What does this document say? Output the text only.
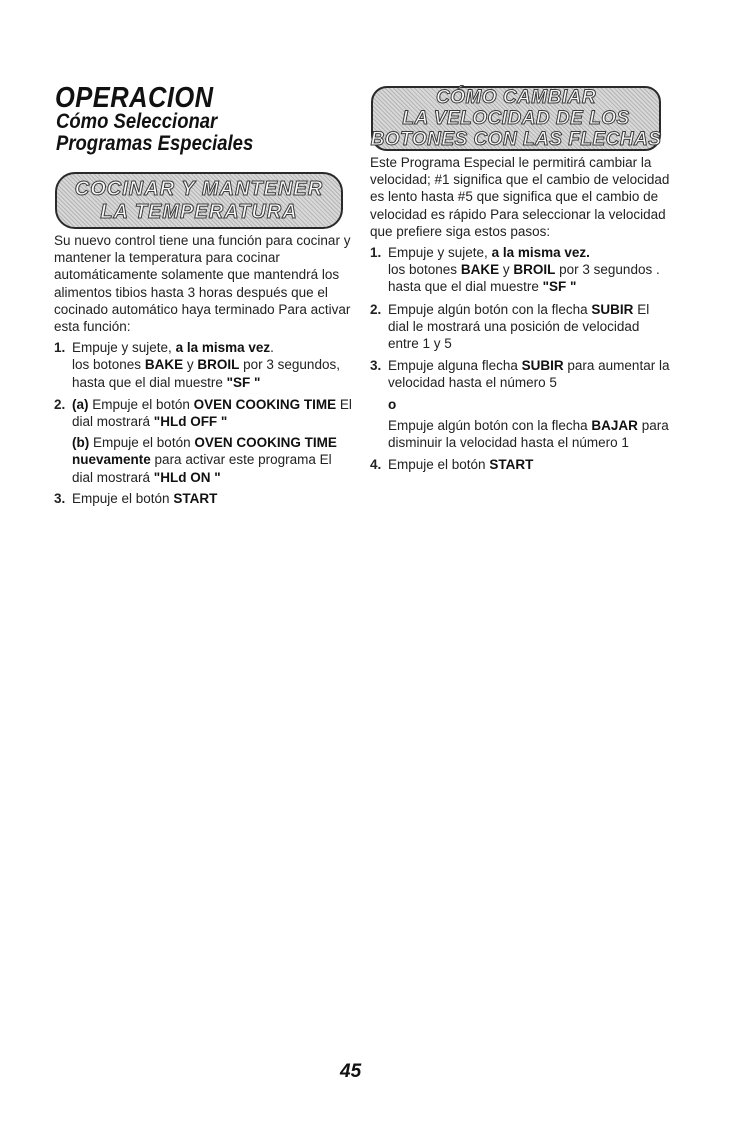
OPERACION
Cómo Seleccionar Programas Especiales
COCINAR Y MANTENER
LA TEMPERATURA
CÓMO CAMBIAR
LA VELOCIDAD DE LOS
BOTONES CON LAS FLECHAS

Su nuevo control tiene una función para cocinar y mantener la temperatura para cocinar automáticamente solamente que mantendrá los alimentos tibios hasta 3 horas después que el cocinado automático haya terminado Para activar esta función:

1. Empuje y sujete, a la misma vez.
los botones BAKE y BROIL por 3 segundos, hasta que el dial muestre "SF "
2. (a) Empuje el botón OVEN COOKING TIME El dial mostrará "HLd OFF "
(b) Empuje el botón OVEN COOKING TIME nuevamente para activar este programa El dial mostrará "HLd ON "
3. Empuje el botón START

Este Programa Especial le permitirá cambiar la velocidad; #1 significa que el cambio de velocidad es lento hasta #5 que significa que el cambio de velocidad es rápido Para seleccionar la velocidad que prefiere siga estos pasos:

1. Empuje y sujete, a la misma vez.
los botones BAKE y BROIL por 3 segundos . hasta que el dial muestre "SF "
2. Empuje algún botón con la flecha SUBIR El dial le mostrará una posición de velocidad entre 1 y 5
3. Empuje alguna flecha SUBIR para aumentar la velocidad hasta el número 5
o
Empuje algún botón con la flecha BAJAR para disminuir la velocidad hasta el número 1
4. Empuje el botón START
45
